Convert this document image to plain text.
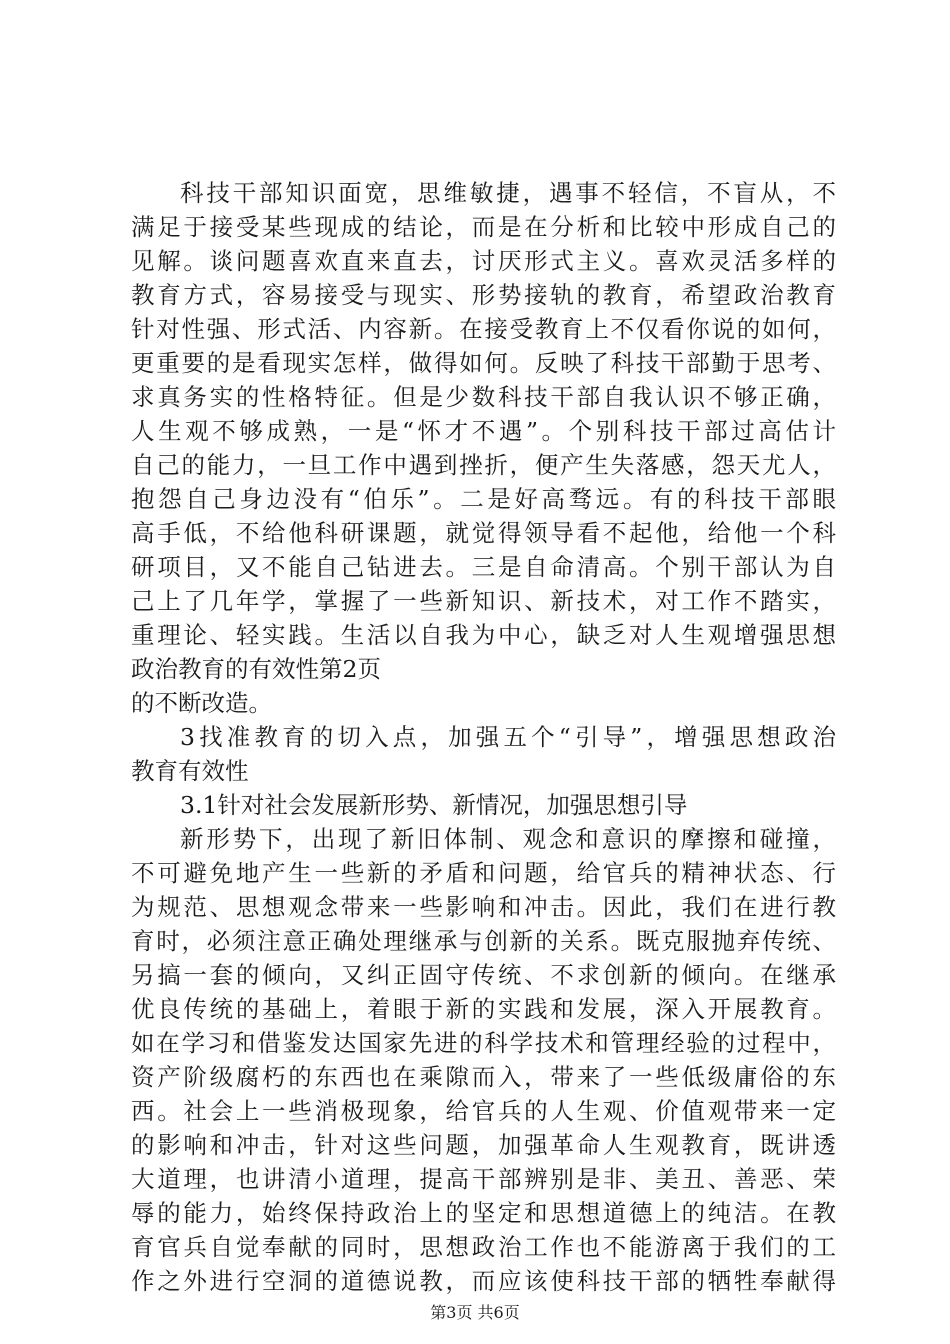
科技干部知识面宽，思维敏捷，遇事不轻信，不盲从，不
满足于接受某些现成的结论，而是在分析和比较中形成自己的
见解。谈问题喜欢直来直去，讨厌形式主义。喜欢灵活多样的
教育方式，容易接受与现实、形势接轨的教育，希望政治教育
针对性强、形式活、内容新。在接受教育上不仅看你说的如何，
更重要的是看现实怎样，做得如何。反映了科技干部勤于思考、
求真务实的性格特征。但是少数科技干部自我认识不够正确，
人生观不够成熟，一是“怀才不遇”。个别科技干部过高估计
自己的能力，一旦工作中遇到挫折，便产生失落感，怨天尤人，
抱怨自己身边没有“伯乐”。二是好高骛远。有的科技干部眼
高手低，不给他科研课题，就觉得领导看不起他，给他一个科
研项目，又不能自己钻进去。三是自命清高。个别干部认为自
己上了几年学，掌握了一些新知识、新技术，对工作不踏实，
重理论、轻实践。生活以自我为中心，缺乏对人生观增强思想
政治教育的有效性第2页
的不断改造。
3找准教育的切入点，加强五个“引导”，增强思想政治
教育有效性
3.1针对社会发展新形势、新情况，加强思想引导
新形势下，出现了新旧体制、观念和意识的摩擦和碰撞，
不可避免地产生一些新的矛盾和问题，给官兵的精神状态、行
为规范、思想观念带来一些影响和冲击。因此，我们在进行教
育时，必须注意正确处理继承与创新的关系。既克服抛弃传统、
另搞一套的倾向，又纠正固守传统、不求创新的倾向。在继承
优良传统的基础上，着眼于新的实践和发展，深入开展教育。
如在学习和借鉴发达国家先进的科学技术和管理经验的过程中，
资产阶级腐朽的东西也在乘隙而入，带来了一些低级庸俗的东
西。社会上一些消极现象，给官兵的人生观、价值观带来一定
的影响和冲击，针对这些问题，加强革命人生观教育，既讲透
大道理，也讲清小道理，提高干部辨别是非、美丑、善恶、荣
辱的能力，始终保持政治上的坚定和思想道德上的纯洁。在教
育官兵自觉奉献的同时，思想政治工作也不能游离于我们的工
作之外进行空洞的道德说教，而应该使科技干部的牺牲奉献得
第3页 共6页
